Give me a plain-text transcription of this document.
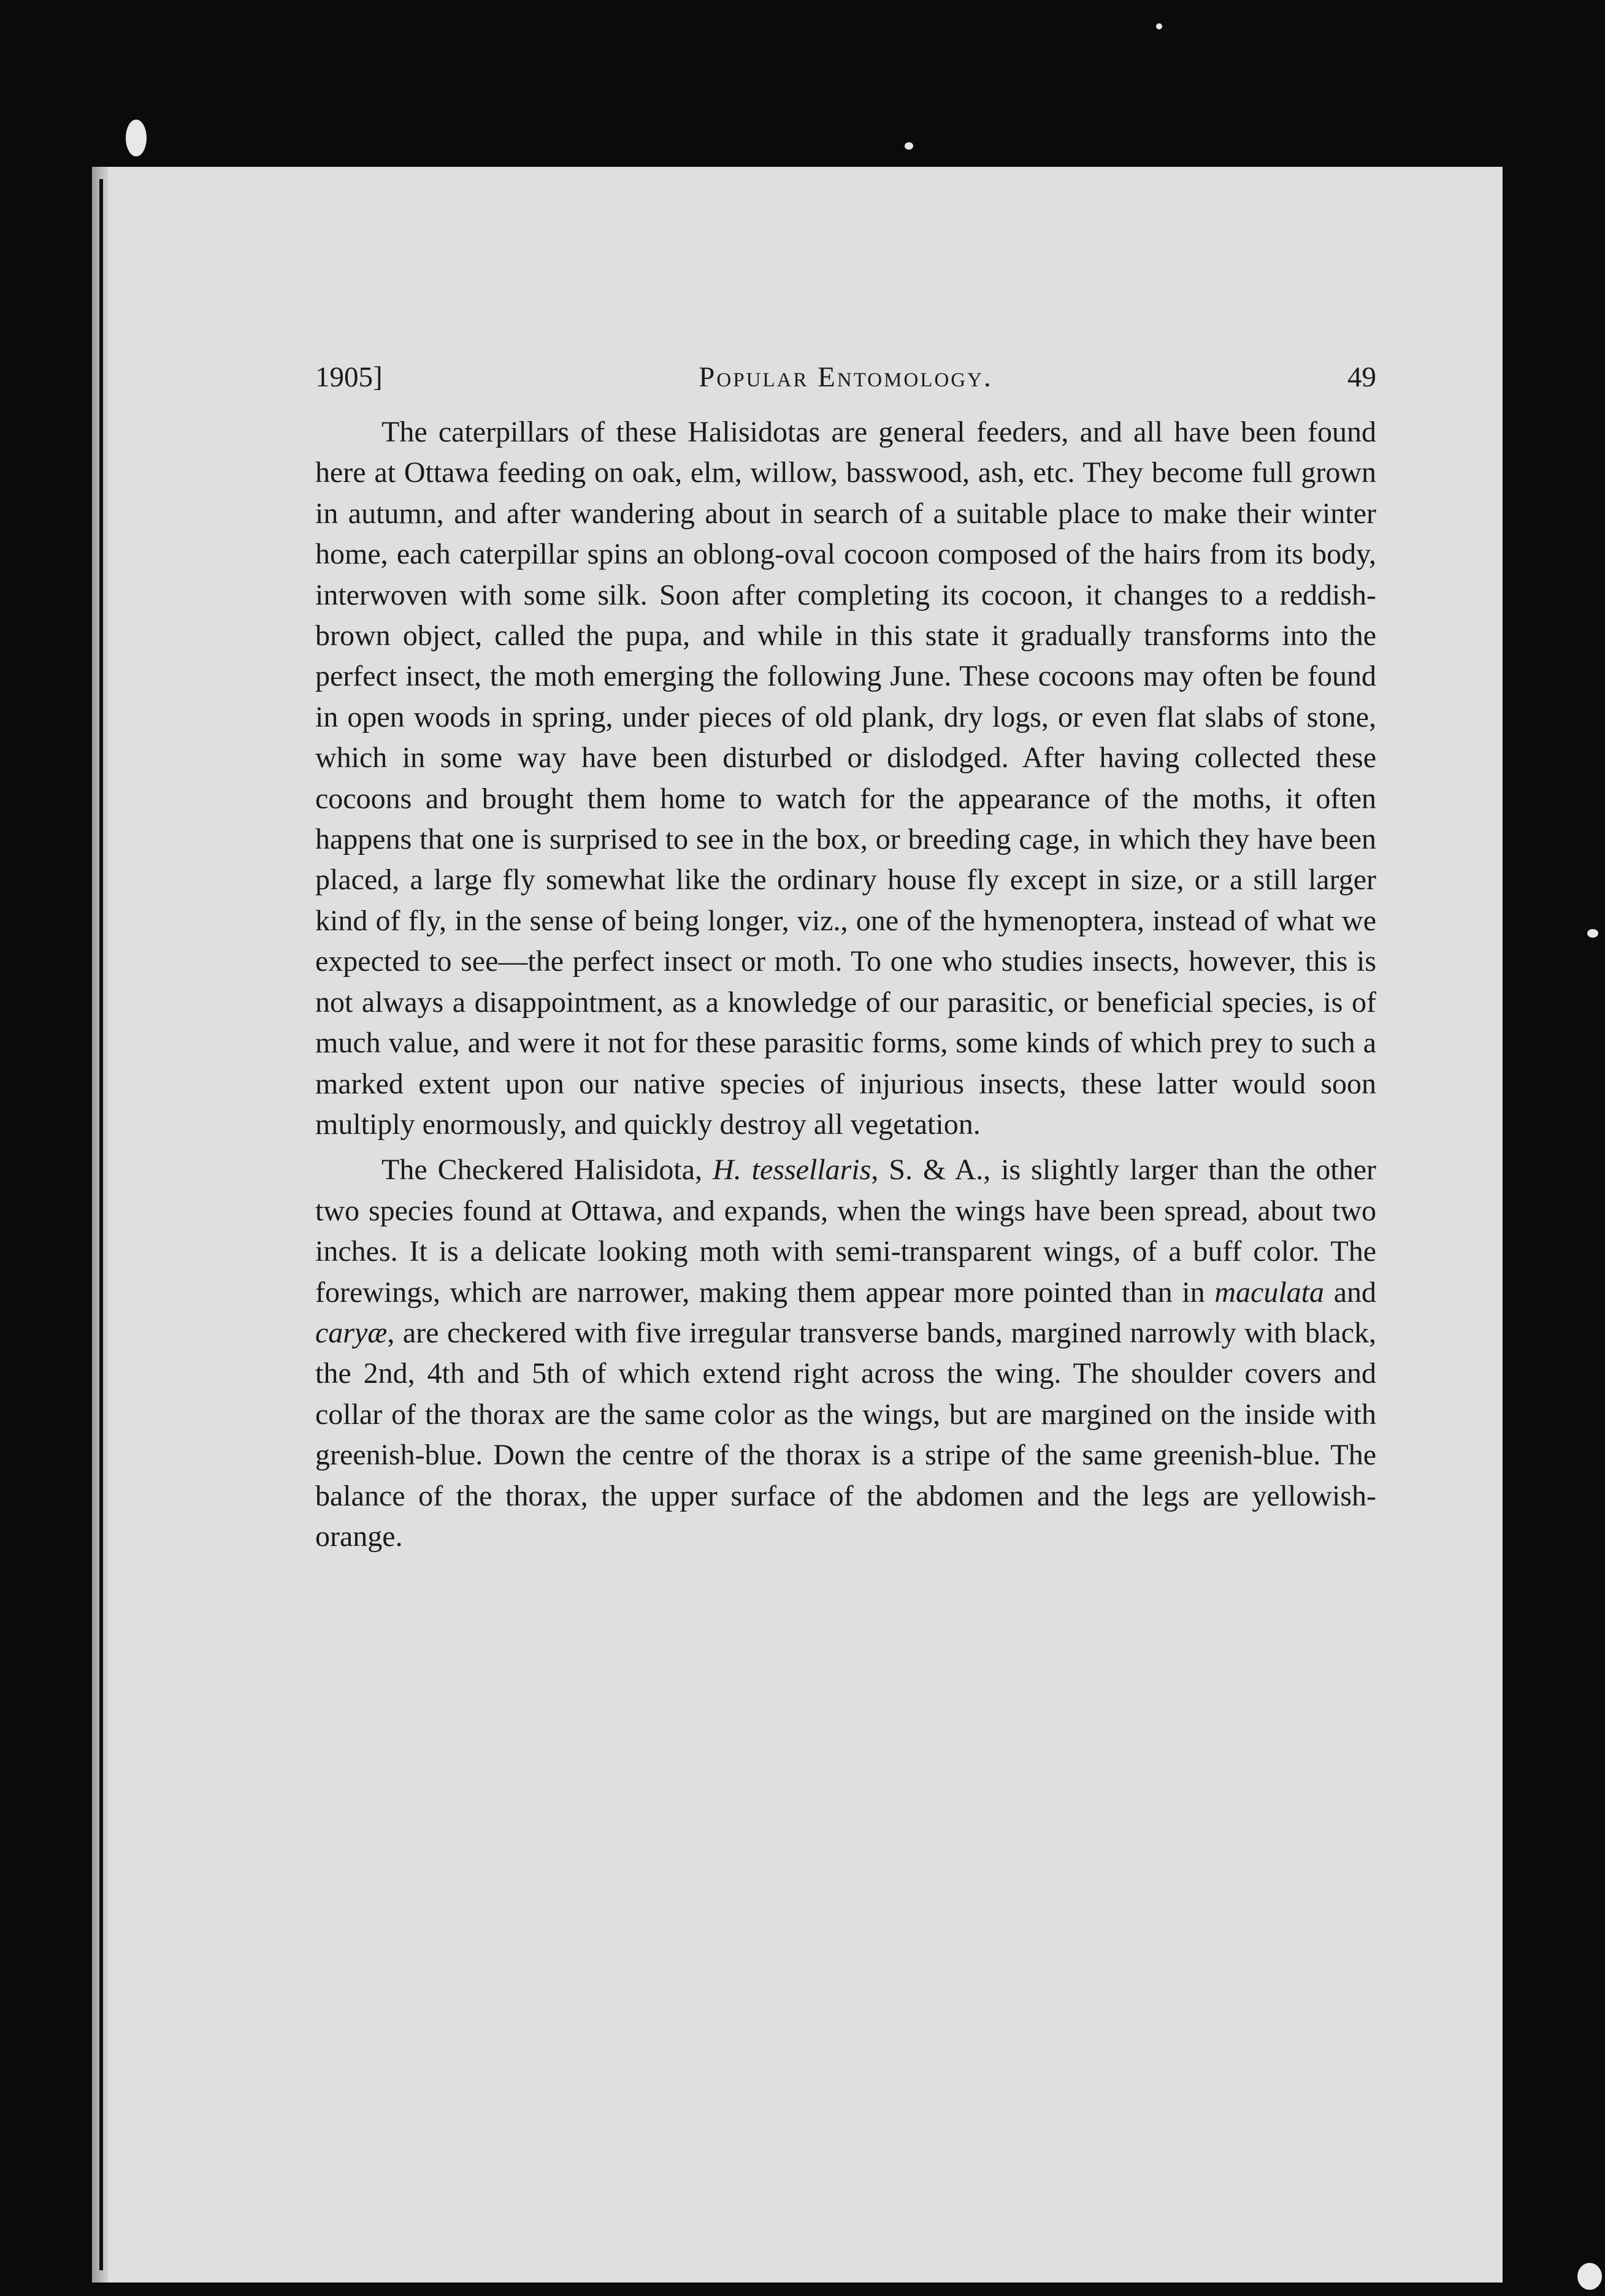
1905]	Popular Entomology.	49

The caterpillars of these Halisidotas are general feeders, and all have been found here at Ottawa feeding on oak, elm, willow, basswood, ash, etc. They become full grown in autumn, and after wandering about in search of a suitable place to make their winter home, each caterpillar spins an oblong-oval cocoon composed of the hairs from its body, interwoven with some silk. Soon after completing its cocoon, it changes to a reddish-brown object, called the pupa, and while in this state it gradually transforms into the perfect insect, the moth emerging the following June. These cocoons may often be found in open woods in spring, under pieces of old plank, dry logs, or even flat slabs of stone, which in some way have been disturbed or dislodged. After having collected these cocoons and brought them home to watch for the appearance of the moths, it often happens that one is surprised to see in the box, or breeding cage, in which they have been placed, a large fly somewhat like the ordinary house fly except in size, or a still larger kind of fly, in the sense of being longer, viz., one of the hymenoptera, instead of what we expected to see—the perfect insect or moth. To one who studies insects, however, this is not always a disappointment, as a knowledge of our parasitic, or beneficial species, is of much value, and were it not for these parasitic forms, some kinds of which prey to such a marked extent upon our native species of injurious insects, these latter would soon multiply enormously, and quickly destroy all vegetation.

The Checkered Halisidota, H. tessellaris, S. & A., is slightly larger than the other two species found at Ottawa, and expands, when the wings have been spread, about two inches. It is a delicate looking moth with semi-transparent wings, of a buff color. The forewings, which are narrower, making them appear more pointed than in maculata and caryæ, are checkered with five irregular transverse bands, margined narrowly with black, the 2nd, 4th and 5th of which extend right across the wing. The shoulder covers and collar of the thorax are the same color as the wings, but are margined on the inside with greenish-blue. Down the centre of the thorax is a stripe of the same greenish-blue. The balance of the thorax, the upper surface of the abdomen and the legs are yellowish-orange.
